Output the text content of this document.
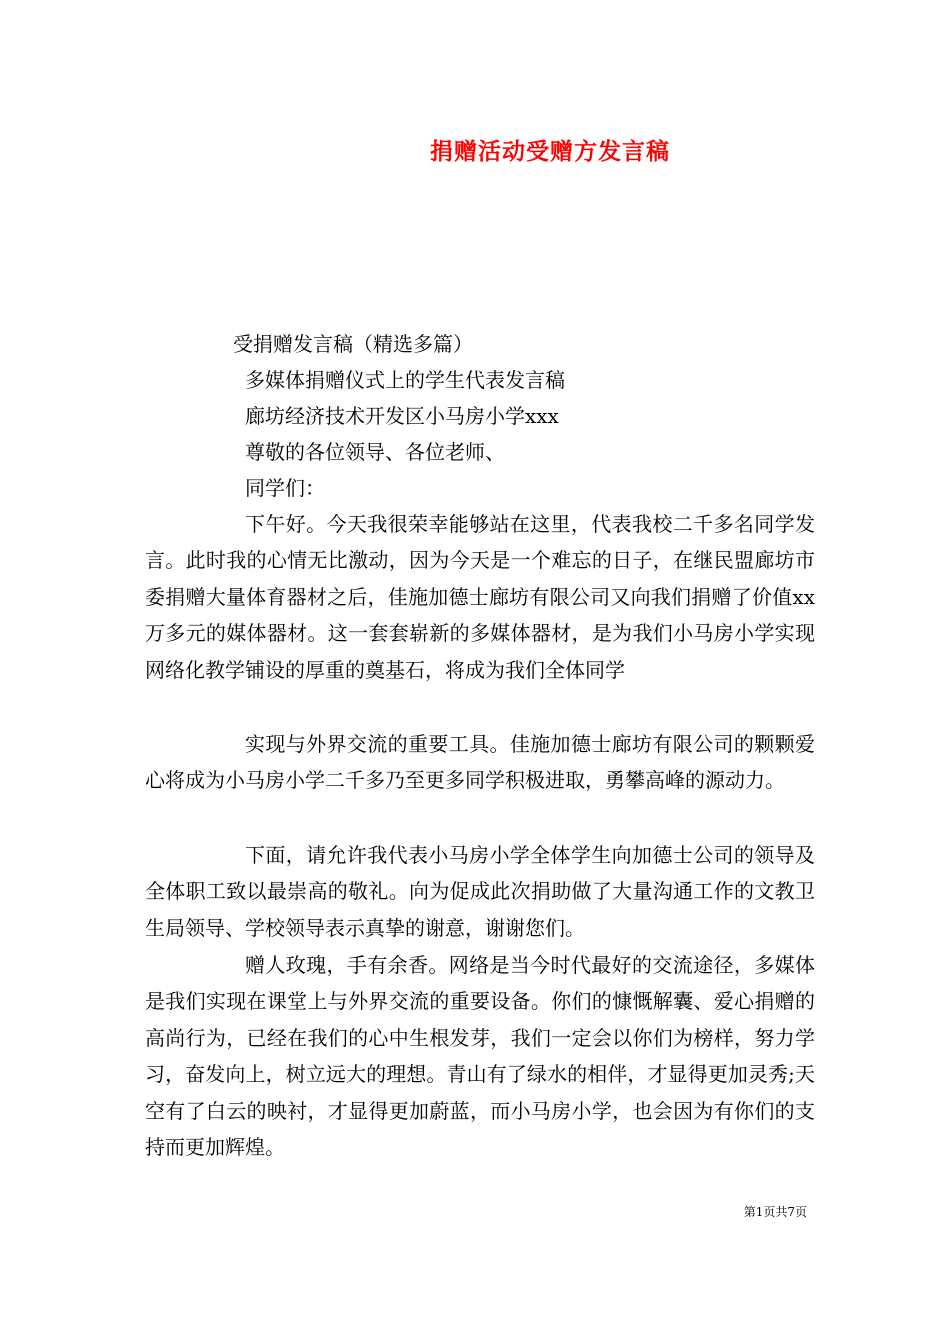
捐赠活动受赠方发言稿
受捐赠发言稿（精选多篇）
多媒体捐赠仪式上的学生代表发言稿
廊坊经济技术开发区小马房小学xxx
尊敬的各位领导、各位老师、
同学们：

下午好。今天我很荣幸能够站在这里，代表我校二千多名同学发言。此时我的心情无比激动，因为今天是一个难忘的日子，在继民盟廊坊市委捐赠大量体育器材之后，佳施加德士廊坊有限公司又向我们捐赠了价值xx万多元的媒体器材。这一套套崭新的多媒体器材，是为我们小马房小学实现网络化教学铺设的厚重的奠基石，将成为我们全体同学

实现与外界交流的重要工具。佳施加德士廊坊有限公司的颗颗爱心将成为小马房小学二千多乃至更多同学积极进取，勇攀高峰的源动力。

下面，请允许我代表小马房小学全体学生向加德士公司的领导及全体职工致以最崇高的敬礼。向为促成此次捐助做了大量沟通工作的文教卫生局领导、学校领导表示真挚的谢意，谢谢您们。

赠人玫瑰，手有余香。网络是当今时代最好的交流途径，多媒体是我们实现在课堂上与外界交流的重要设备。你们的慷慨解囊、爱心捐赠的高尚行为，已经在我们的心中生根发芽，我们一定会以你们为榜样，努力学习，奋发向上，树立远大的理想。青山有了绿水的相伴，才显得更加灵秀;天空有了白云的映衬，才显得更加蔚蓝，而小马房小学，也会因为有你们的支持而更加辉煌。

第1页共7页
